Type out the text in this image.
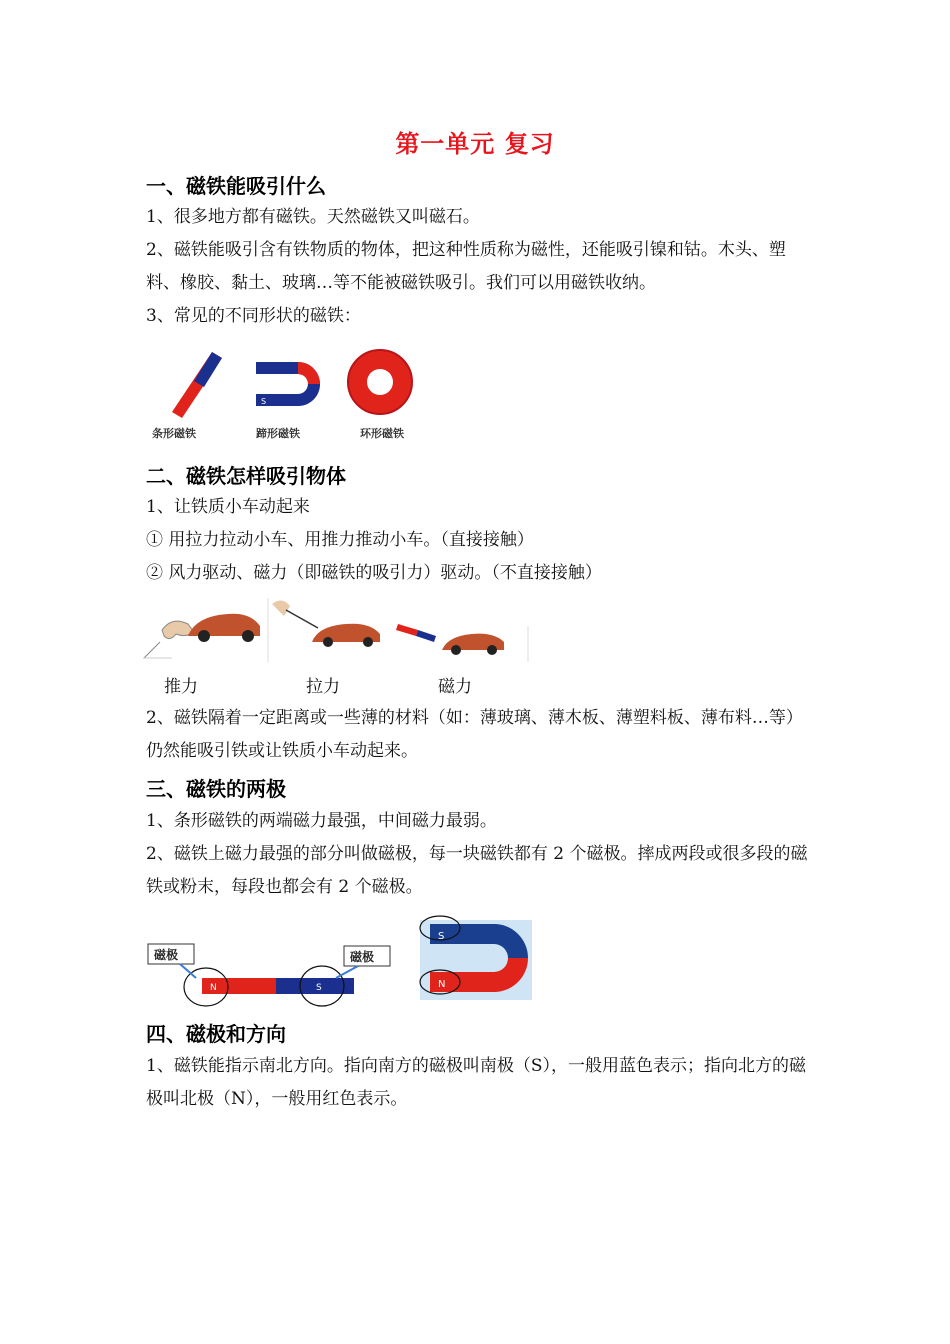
第一单元 复习
一、磁铁能吸引什么
1、很多地方都有磁铁。天然磁铁又叫磁石。
2、磁铁能吸引含有铁物质的物体，把这种性质称为磁性，还能吸引镍和钴。木头、塑料、橡胶、黏土、玻璃…等不能被磁铁吸引。我们可以用磁铁收纳。
3、常见的不同形状的磁铁：
S
条形磁铁	蹄形磁铁	环形磁铁
二、磁铁怎样吸引物体
1、让铁质小车动起来
① 用拉力拉动小车、用推力推动小车。（直接接触）
② 风力驱动、磁力（即磁铁的吸引力）驱动。（不直接接触）
推力	拉力	磁力
2、磁铁隔着一定距离或一些薄的材料（如：薄玻璃、薄木板、薄塑料板、薄布料…等）仍然能吸引铁或让铁质小车动起来。
三、磁铁的两极
1、条形磁铁的两端磁力最强，中间磁力最弱。
2、磁铁上磁力最强的部分叫做磁极，每一块磁铁都有 2 个磁极。摔成两段或很多段的磁铁或粉末，每段也都会有 2 个磁极。
N	S
磁极	磁极
S
N
四、磁极和方向
1、磁铁能指示南北方向。指向南方的磁极叫南极（S），一般用蓝色表示；指向北方的磁极叫北极（N），一般用红色表示。
